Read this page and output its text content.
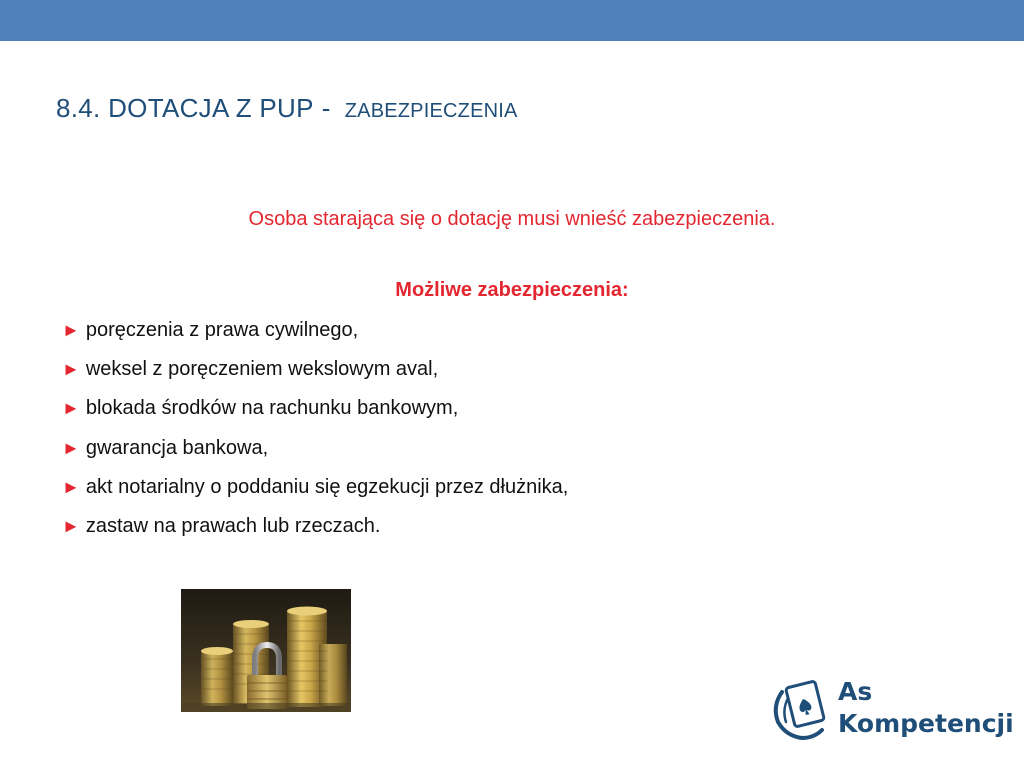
8.4. DOTACJA Z PUP - ZABEZPIECZENIA
Osoba starająca się o dotację musi wnieść zabezpieczenia.
Możliwe zabezpieczenia:
► poręczenia z prawa cywilnego,
► weksel z poręczeniem wekslowym aval,
► blokada środków na rachunku bankowym,
► gwarancja bankowa,
► akt notarialny o poddaniu się egzekucji przez dłużnika,
► zastaw na prawach lub rzeczach.
As
Kompetencji
